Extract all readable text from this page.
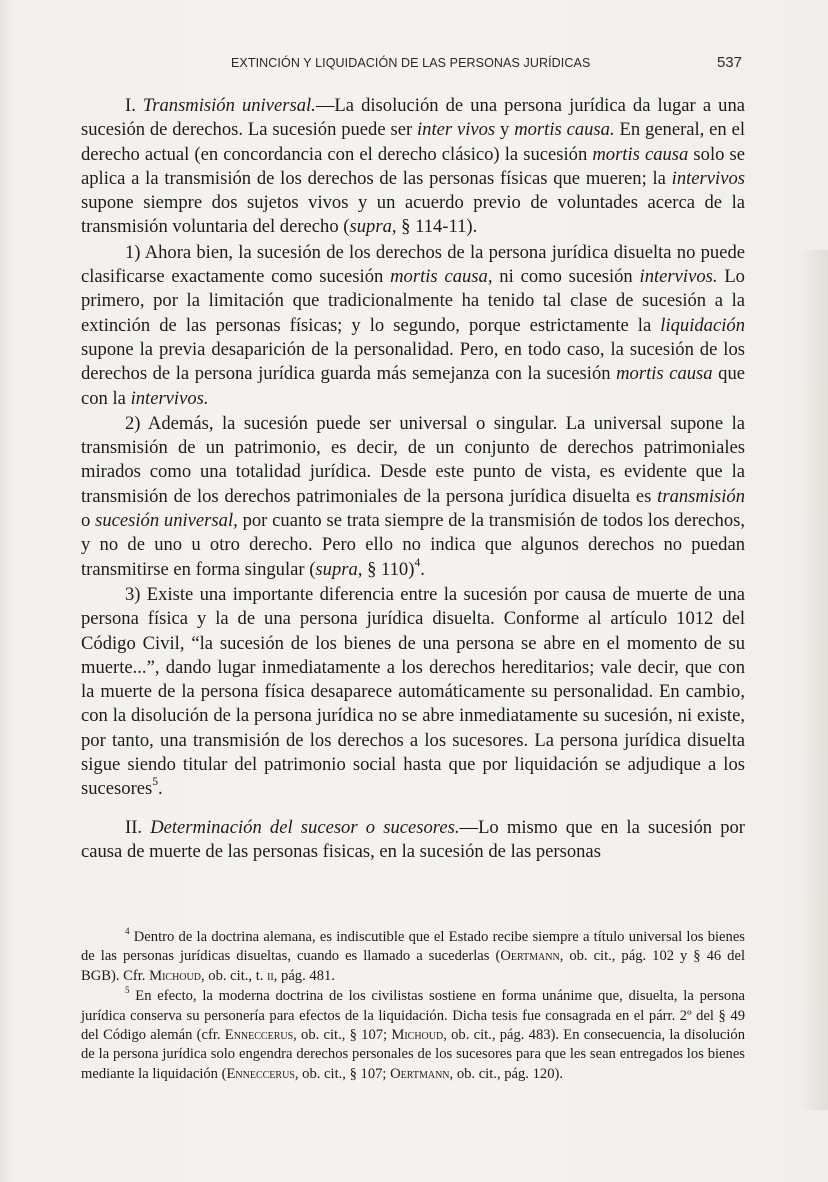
EXTINCIÓN Y LIQUIDACIÓN DE LAS PERSONAS JURÍDICAS	537

I. Transmisión universal.—La disolución de una persona jurídica da lugar a una sucesión de derechos. La sucesión puede ser inter vivos y mortis causa. En general, en el derecho actual (en concordancia con el derecho clásico) la sucesión mortis causa solo se aplica a la transmisión de los derechos de las personas físicas que mueren; la intervivos supone siempre dos sujetos vivos y un acuerdo previo de voluntades acerca de la transmisión voluntaria del derecho (supra, § 114-11).

1) Ahora bien, la sucesión de los derechos de la persona jurídica disuelta no puede clasificarse exactamente como sucesión mortis causa, ni como sucesión intervivos. Lo primero, por la limitación que tradicionalmente ha tenido tal clase de sucesión a la extinción de las personas físicas; y lo segundo, porque estrictamente la liquidación supone la previa desaparición de la personalidad. Pero, en todo caso, la sucesión de los derechos de la persona jurídica guarda más semejanza con la sucesión mortis causa que con la intervivos.

2) Además, la sucesión puede ser universal o singular. La universal supone la transmisión de un patrimonio, es decir, de un conjunto de derechos patrimoniales mirados como una totalidad jurídica. Desde este punto de vista, es evidente que la transmisión de los derechos patrimoniales de la persona jurídica disuelta es transmisión o sucesión universal, por cuanto se trata siempre de la transmisión de todos los derechos, y no de uno u otro derecho. Pero ello no indica que algunos derechos no puedan transmitirse en forma singular (supra, § 110)$^4$.

3) Existe una importante diferencia entre la sucesión por causa de muerte de una persona física y la de una persona jurídica disuelta. Conforme al artículo 1012 del Código Civil, “la sucesión de los bienes de una persona se abre en el momento de su muerte...”, dando lugar inmediatamente a los derechos hereditarios; vale decir, que con la muerte de la persona física desaparece automáticamente su personalidad. En cambio, con la disolución de la persona jurídica no se abre inmediatamente su sucesión, ni existe, por tanto, una transmisión de los derechos a los sucesores. La persona jurídica disuelta sigue siendo titular del patrimonio social hasta que por liquidación se adjudique a los sucesores$^5$.

II. Determinación del sucesor o sucesores.—Lo mismo que en la sucesión por causa de muerte de las personas fisicas, en la sucesión de las personas

$^4$ Dentro de la doctrina alemana, es indiscutible que el Estado recibe siempre a título universal los bienes de las personas jurídicas disueltas, cuando es llamado a sucederlas (Oertmann, ob. cit., pág. 102 y § 46 del BGB). Cfr. Michoud, ob. cit., t. ii, pág. 481.

$^5$ En efecto, la moderna doctrina de los civilistas sostiene en forma unánime que, disuelta, la persona jurídica conserva su personería para efectos de la liquidación. Dicha tesis fue consagrada en el párr. 2º del § 49 del Código alemán (cfr. Enneccerus, ob. cit., § 107; Michoud, ob. cit., pág. 483). En consecuencia, la disolución de la persona jurídica solo engendra derechos personales de los sucesores para que les sean entregados los bienes mediante la liquidación (Enneccerus, ob. cit., § 107; Oertmann, ob. cit., pág. 120).
